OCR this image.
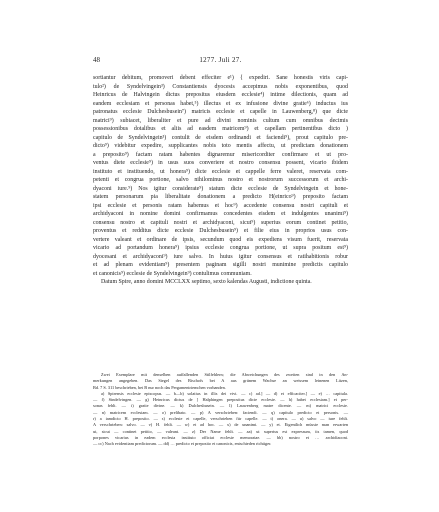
48	1277. Juli 27.

sortiantur debitum, promoveri debent effeciter e¹) { expediri. Sane honestis viris capi-

tulo²) de Syndelvingein³) Constantiensis dyocesis accepimus nobis exponentibus, quod

Heinricus de Halvingein dictus prepositus eiusdem ecclesie⁴) intime dilectionis, quam ad

eandem ecclesiam et personas habet,⁵) illectus et ex infusione divine gratie⁶) inductus ius

patronatus ecclesie Dulchesbusein⁷) matricis ecclesie et capelle in Lauwenberg,⁸) que dicte

matrici⁹) subiacet, liberaliter et pure ad divini nominis cultum cum omnibus decimis

possessionibus dotalibus et aliis ad easdem matricem⁹) et capellam pertinentibus dicto )

capitulo de Syndelvingein³) contulit de eisdem ordinandi et faciendi⁹), prout capitulo pre-

dicto⁹) videbitur expedire, supplicantes nobis toto mentis affectu, ut predictam donationem

a preposito⁹) factam ratam habentes dignaremur misericorditer confirmare et ut pro-

ventus diete ecclesie⁹) in usus suos converiere et nostro consensu possent, vicario ibidem

instituto et instituendo, ut honera⁹) dicte ecclesie et cappelle ferre valeret, reservata com-

petenti et congrua portione, salvo nihilominus nostro et nostrorum successorum et archi-

dyaconi iure.⁹) Nos igitur considerate⁹) statum dicte ecclesie de Syndelvingein et hone-

statem personarum pia liberalitate donationem a predicto H(einrico⁹) preposito factam

ipsi ecclesie et personis ratam habemus et hoc⁹) accedente consensu nostri capituli et

archidyaconi in nomine domini confirmamus concedentes eisdem et indulgentes unanimi⁹)

consensu nostro et capituli nostri et archidyaconi, sicut⁹) superius eorum continet petitio,

proventus et redditus dicte ecclesie Dulchesbusein⁹) et filie eius in proprios usus con-

vertere valeant et ordinare de ipsis, secundum quod eis expediens visum fuerit, reservata

vicario ad portandum honera⁹) ipsius ecclesie congrua portione, ut supra positum est⁹)

dyocesani et archidyaconi⁹) iure salvo. In huius igitur consensus et ratihabitionis robur

et ad plenam evidentiam⁹) presentem paginam sigilli nostri munimine predictis capitulo

et canonicis⁹) ecclesie de Syndelvingein⁹) contulimus communiam.

Datum Spire, anno domini MCCLXX septimo, sexto kalendas Augusti, indictione quinta.

Zwei Exemplare mit denselben auffallenden Stilfehlern; die Abweichungen des zweiten sind in den An-

merkungen angegeben. Das Siegel des Bischofs bei A aus grünem Wachse an weissem leinenen Litzen,

Bd. 7 S. 311 beschrieben, bei B nur noch das Pergamentriemchen vorhanden.

a) Spirensis ecclesie episcopus. — b—b) solatius in illis dei vivi. — c) ad.] — d) et efficaciter.] — e) … capitula.

— f) Sindelvingen. — g) Heinricus dictus de ] Halphingen prepositus dicte ecclesie. — h) habet ecclesiam.] et per-

sonas fehlt. — i) gratie divine. — k) Dulchesbusein. — l) Lauwenberg matre dicente. — m) matrici ecclesie.

— n) matricem ecclesiam. — o) prelibato. — p) A verschrieben: faciendi. — q) capitulo predicto et personis. —

r) a iamdicto H. preposito. — s) ecclesie et capelle, verschrieben für capelle. — t) onera. — u) salvo — iure fehlt.

A verschrieben: salvo. — v) H. fehlt. — w) et ad hoc. — x) de unanimi. — y) et. Eigentlich müsste man erwarten

ut, sicut — continet petitio, — valeant. — z) Der Name fehlt. — aa) ut superius est expressum, iis tamen, quod

porpones vicarius in eadem ecclesia instituto officiat ecclesie memoratae. — bb) nostro et … archidiaconi.

— cc) Nach evidentiam predictorum. — dd) … predicto et preposito et canonicis, entschieden richtiger.
